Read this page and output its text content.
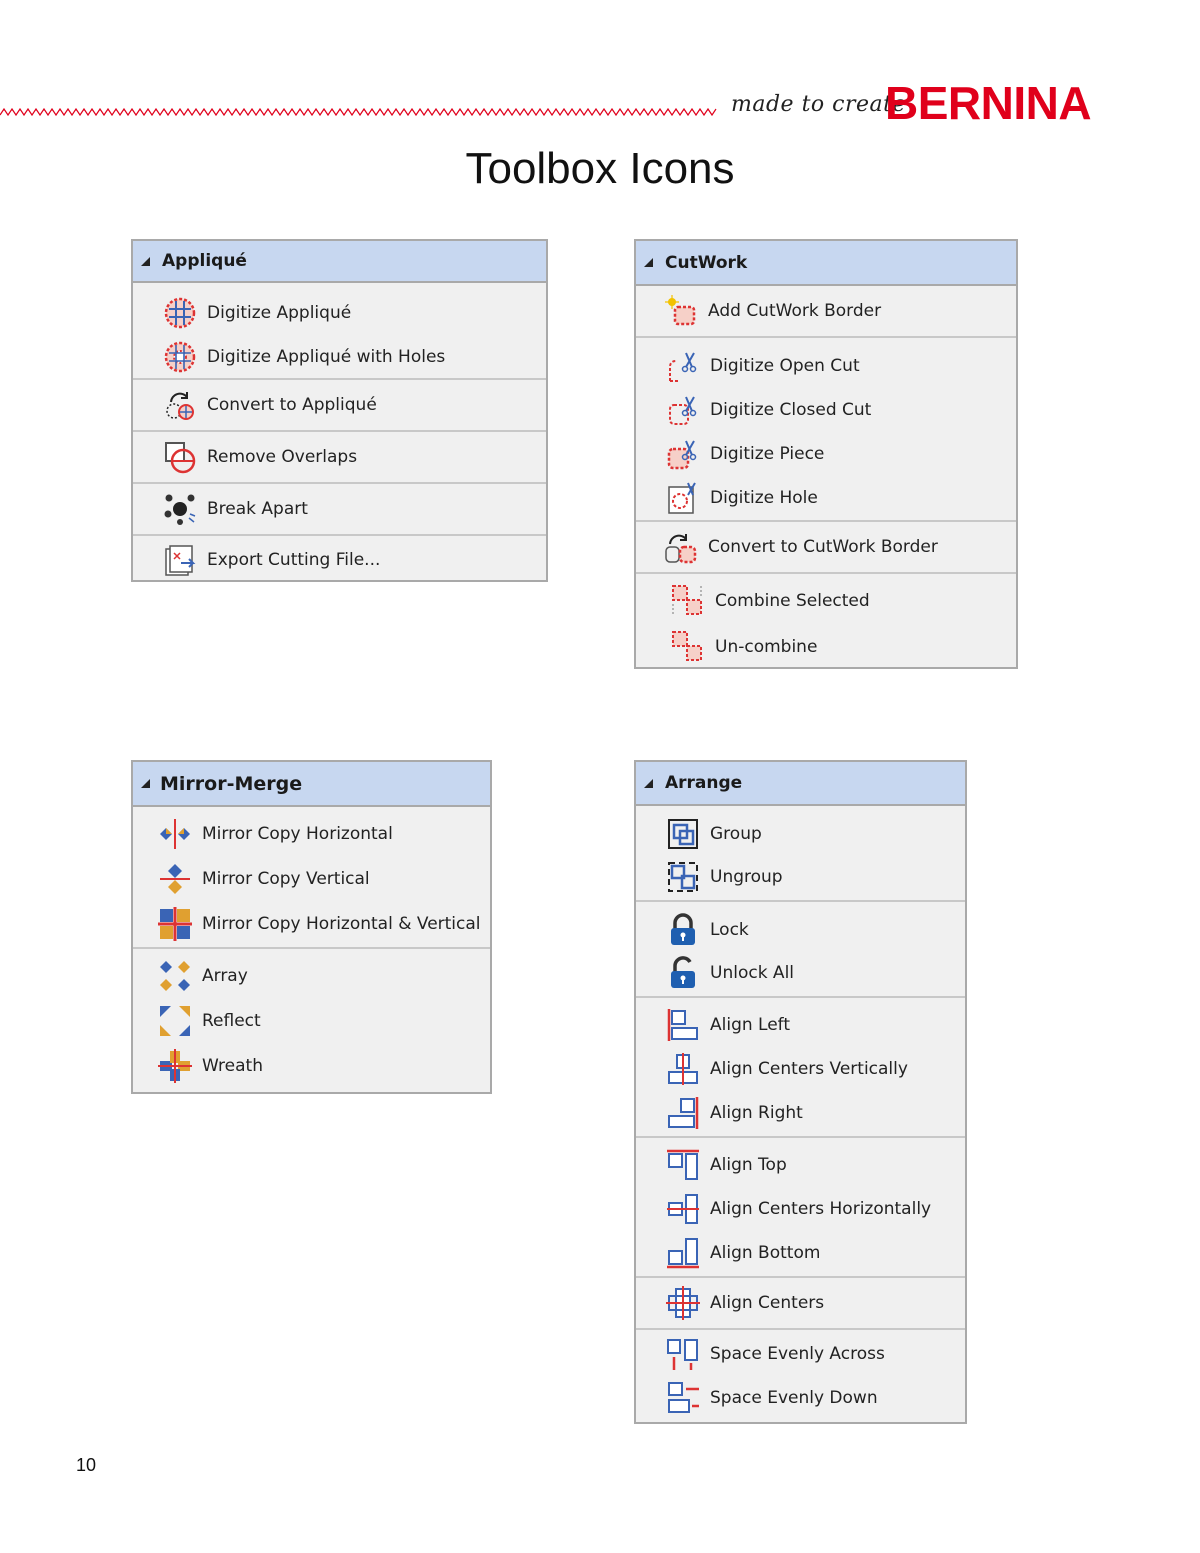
made to create
BERNINA
Toolbox Icons
10
Appliqué
Digitize Appliqué
Digitize Appliqué with Holes
Convert to Appliqué
Remove Overlaps
Break Apart
Export Cutting File...
CutWork
Add CutWork Border
Digitize Open Cut
Digitize Closed Cut
Digitize Piece
Digitize Hole
Convert to CutWork Border
Combine Selected
Un-combine
Mirror-Merge
Mirror Copy Horizontal
Mirror Copy Vertical
Mirror Copy Horizontal & Vertical
Array
Reflect
Wreath
Arrange
Group
Ungroup
Lock
Unlock All
Align Left
Align Centers Vertically
Align Right
Align Top
Align Centers Horizontally
Align Bottom
Align Centers
Space Evenly Across
Space Evenly Down
